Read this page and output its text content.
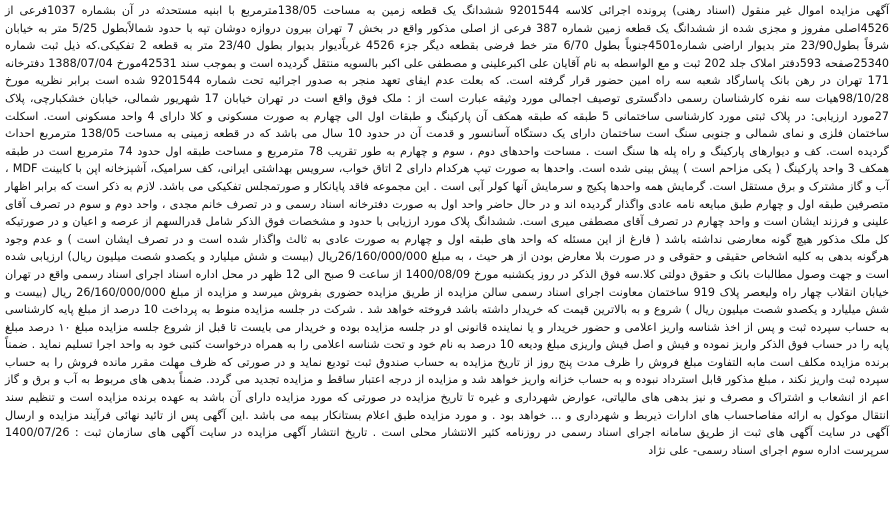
آگهی مزایده اموال غیر منقول (اسناد رهنی) پرونده اجرائی کلاسه 9201544 ششدانگ یک قطعه زمین به مساحت 138/05مترمربع با ابنیه مستحدثه در آن بشماره 1037فرعی از 4526اصلی مفروز و مجزی شده از ششدانگ یک قطعه زمین شماره 387 فرعی از اصلی مذکور واقع در بخش 7 تهران بیرون دروازه دوشان تپه با حدود شمالاًبطول 5/25 متر به خیابان شرقاً بطول23/90 متر بدیوار اراضی شماره4501جنوباً بطول 6/70 متر خط فرضی بقطعه دیگر جزء 4526 غرباًدیوار بدیوار بطول 23/40 متر به قطعه 2 تفکیکی.که ذیل ثبت شماره 25340صفحه 593دفتر املاک جلد 202 ثبت و مع الواسطه به نام آقایان علی اکبرعلینی و مصطفی علی اکبر بالسویه منتقل گردیده است و بموجب سند 42531مورخ 1388/07/04 دفترخانه 171 تهران در رهن بانک پاسارگاد شعبه سه راه امین حضور قرار گرفته است. که بعلت عدم ایفای تعهد منجر به صدور اجرائیه تحت شماره 9201544 شده است برابر نظریه مورخ 98/10/28هیات سه نفره کارشناسان رسمی دادگستری توصیف اجمالی مورد وثیقه عبارت است از : ملک فوق واقع است در تهران خیابان 17 شهریور شمالی، خیابان خشکبارچی، پلاک 27مورد ارزیابی: در پلاک ثبتی مورد کارشناسی ساختمانی 5 طبقه که طبقه همکف آن پارکینگ و طبقات اول الی چهارم به صورت مسکونی و کلا دارای 4 واحد مسکونی است. اسکلت ساختمان فلزی و نمای شمالی و جنوبی سنگ است ساختمان دارای یک دستگاه آسانسور و قدمت آن در حدود 10 سال می باشد که در قطعه زمینی به مساحت 138/05 مترمربع احداث گردیده است. کف و دیوارهای پارکینگ و راه پله ها سنگ است . مساحت واحدهای دوم ، سوم و چهارم به طور تقریب 78 مترمربع و مساحت طبقه اول حدود 74 مترمربع است در طبقه همکف 3 واحد پارکینگ ( یکی مزاحم است ) پیش بینی شده است. واحدها به صورت تیپ هرکدام دارای 2 اتاق خواب، سرویس بهداشتی ایرانی، کف سرامیک، آشپزخانه اپن با کابینت MDF ، آب و گاز مشترک و برق مستقل است. گرمایش همه واحدها پکیج و سرمایش آنها کولر آبی است . این مجموعه فاقد پایانکار و صورتمجلس تفکیکی می باشد. لازم به ذکر است که برابر اظهار متصرفین طبقه اول و چهارم طبق مبایعه نامه عادی واگذار گردیده اند و در حال حاضر واحد اول به صورت دفترخانه اسناد رسمی و در تصرف خانم مجدی ، واحد دوم و سوم در تصرف آقای علینی و فرزند ایشان است و واحد چهارم در تصرف آقای مصطفی میری است. ششدانگ پلاک مورد ارزیابی با حدود و مشخصات فوق الذکر شامل قدرالسهم از عرصه و اعیان و در صورتیکه کل ملک مذکور هیچ گونه معارضی نداشته باشد ( فارغ از این مسئله که واحد های طبقه اول و چهارم به صورت عادی به ثالث واگذار شده است و در تصرف ایشان است ) و عدم وجود هرگونه بدهی به کلیه اشخاص حقیقی و حقوقی و در صورت بلا معارض بودن از هر حیث ، به مبلغ 26/160/000/000ریال (بیست و شش میلیارد و یکصدو شصت میلیون ریال) ارزیابی شده است و جهت وصول مطالبات بانک و حقوق دولتی کلا.سه فوق الذکر در روز یکشنبه مورخ 1400/08/09 از ساعت 9 صبح الی 12 ظهر در محل اداره اسناد اجرای اسناد رسمی واقع در تهران خیابان انقلاب چهار راه ولیعصر پلاک 919 ساختمان معاونت اجرای اسناد رسمی سالن مزایده از طریق مزایده حضوری بفروش میرسد و مزایده از مبلغ 26/160/000/000 ریال (بیست و شش میلیارد و یکصدو شصت میلیون ریال ) شروع و به بالاترین قیمت که خریدار داشته باشد فروخته خواهد شد . شرکت در جلسه مزایده منوط به پرداخت 10 درصد از مبلغ پایه کارشناسی به حساب سپرده ثبت و پس از اخذ شناسه واریز اعلامی و حضور خریدار و یا نماینده قانونی او در جلسه مزایده بوده و خریدار می بایست تا قبل از شروع جلسه مزایده مبلغ ١۰ درصد مبلغ پایه را در حساب فوق الذکر واریز نموده و فیش و اصل فیش واریزی مبلغ ودیعه 10 درصد به نام خود و تحت شناسه اعلامی را به همراه درخواست کتبی خود به واحد اجرا تسلیم نماید . ضمناً برنده مزایده مکلف است مابه التفاوت مبلغ فروش را ظرف مدت پنج روز از تاریخ مزایده به حساب صندوق ثبت تودیع نماید و در صورتی که ظرف مهلت مقرر مانده فروش را به حساب سپرده ثبت واریز نکند ، مبلغ مذکور قابل استرداد نبوده و به حساب خزانه واریز خواهد شد و مزایده از درجه اعتبار ساقط و مزایده تجدید می گردد. ضمناً بدهی های مربوط به آب و برق و گاز اعم از انشعاب و اشتراک و مصرف و نیز بدهی های مالیاتی، عوارض شهرداری و غیره تا تاریخ مزایده در صورتی که مورد مزایده دارای آن باشد به عهده برنده مزایده است و تنظیم سند انتقال موکول به ارائه مفاصاحساب های ادارات ذیربط و شهرداری و ... خواهد بود . و مورد مزایده طبق اعلام بستانکار بیمه می باشد .این آگهی پس از تائید نهائی فرآیند مزایده و ارسال آگهی در سایت آگهی های ثبت از طریق سامانه اجرای اسناد رسمی در روزنامه کثیر الانتشار محلی است . تاریخ انتشار آگهی مزایده در سایت آگهی های سازمان ثبت : 1400/07/26 سرپرست اداره سوم اجرای اسناد رسمی- علی نژاد
